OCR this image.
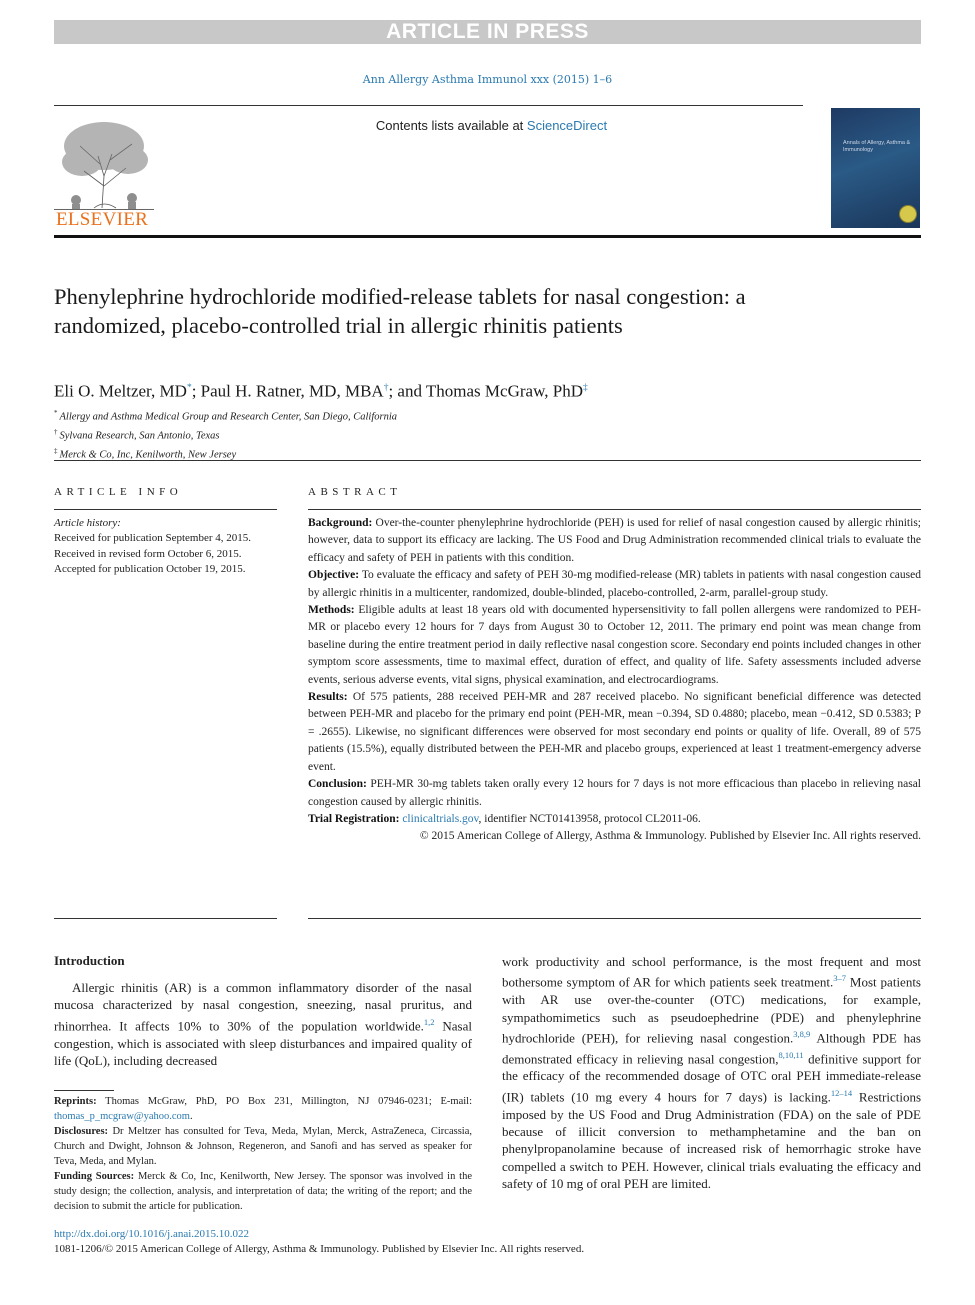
ARTICLE IN PRESS
Ann Allergy Asthma Immunol xxx (2015) 1–6
ELSEVIER
Contents lists available at ScienceDirect
Annals of Allergy, Asthma & Immunology
Phenylephrine hydrochloride modified-release tablets for nasal congestion: a randomized, placebo-controlled trial in allergic rhinitis patients
Eli O. Meltzer, MD*; Paul H. Ratner, MD, MBA†; and Thomas McGraw, PhD‡
* Allergy and Asthma Medical Group and Research Center, San Diego, California
† Sylvana Research, San Antonio, Texas
‡ Merck & Co, Inc, Kenilworth, New Jersey
ARTICLE INFO	ABSTRACT
Article history:
Received for publication September 4, 2015.
Received in revised form October 6, 2015.
Accepted for publication October 19, 2015.

Background: Over-the-counter phenylephrine hydrochloride (PEH) is used for relief of nasal congestion caused by allergic rhinitis; however, data to support its efficacy are lacking. The US Food and Drug Administration recommended clinical trials to evaluate the efficacy and safety of PEH in patients with this condition.

Objective: To evaluate the efficacy and safety of PEH 30-mg modified-release (MR) tablets in patients with nasal congestion caused by allergic rhinitis in a multicenter, randomized, double-blinded, placebo-controlled, 2-arm, parallel-group study.

Methods: Eligible adults at least 18 years old with documented hypersensitivity to fall pollen allergens were randomized to PEH-MR or placebo every 12 hours for 7 days from August 30 to October 12, 2011. The primary end point was mean change from baseline during the entire treatment period in daily reflective nasal congestion score. Secondary end points included changes in other symptom score assessments, time to maximal effect, duration of effect, and quality of life. Safety assessments included adverse events, serious adverse events, vital signs, physical examination, and electrocardiograms.

Results: Of 575 patients, 288 received PEH-MR and 287 received placebo. No significant beneficial difference was detected between PEH-MR and placebo for the primary end point (PEH-MR, mean −0.394, SD 0.4880; placebo, mean −0.412, SD 0.5383; P = .2655). Likewise, no significant differences were observed for most secondary end points or quality of life. Overall, 89 of 575 patients (15.5%), equally distributed between the PEH-MR and placebo groups, experienced at least 1 treatment-emergency adverse event.

Conclusion: PEH-MR 30-mg tablets taken orally every 12 hours for 7 days is not more efficacious than placebo in relieving nasal congestion caused by allergic rhinitis.

Trial Registration: clinicaltrials.gov, identifier NCT01413958, protocol CL2011-06.

© 2015 American College of Allergy, Asthma & Immunology. Published by Elsevier Inc. All rights reserved.

Introduction
Allergic rhinitis (AR) is a common inflammatory disorder of the nasal mucosa characterized by nasal congestion, sneezing, nasal pruritus, and rhinorrhea. It affects 10% to 30% of the population worldwide.$^{1,2}$ Nasal congestion, which is associated with sleep disturbances and impaired quality of life (QoL), including decreased
work productivity and school performance, is the most frequent and most bothersome symptom of AR for which patients seek treatment.$^{3-7}$ Most patients with AR use over-the-counter (OTC) medications, for example, sympathomimetics such as pseudoephedrine (PDE) and phenylephrine hydrochloride (PEH), for relieving nasal congestion.$^{3,8,9}$ Although PDE has demonstrated efficacy in relieving nasal congestion,$^{8,10,11}$ definitive support for the efficacy of the recommended dosage of OTC oral PEH immediate-release (IR) tablets (10 mg every 4 hours for 7 days) is lacking.$^{12-14}$ Restrictions imposed by the US Food and Drug Administration (FDA) on the sale of PDE because of illicit conversion to methamphetamine and the ban on phenylpropanolamine because of increased risk of hemorrhagic stroke have compelled a switch to PEH. However, clinical trials evaluating the efficacy and safety of 10 mg of oral PEH are limited.

Reprints: Thomas McGraw, PhD, PO Box 231, Millington, NJ 07946-0231; E-mail: thomas_p_mcgraw@yahoo.com.

Disclosures: Dr Meltzer has consulted for Teva, Meda, Mylan, Merck, AstraZeneca, Circassia, Church and Dwight, Johnson & Johnson, Regeneron, and Sanofi and has served as speaker for Teva, Meda, and Mylan.

Funding Sources: Merck & Co, Inc, Kenilworth, New Jersey. The sponsor was involved in the study design; the collection, analysis, and interpretation of data; the writing of the report; and the decision to submit the article for publication.

http://dx.doi.org/10.1016/j.anai.2015.10.022
1081-1206/© 2015 American College of Allergy, Asthma & Immunology. Published by Elsevier Inc. All rights reserved.
